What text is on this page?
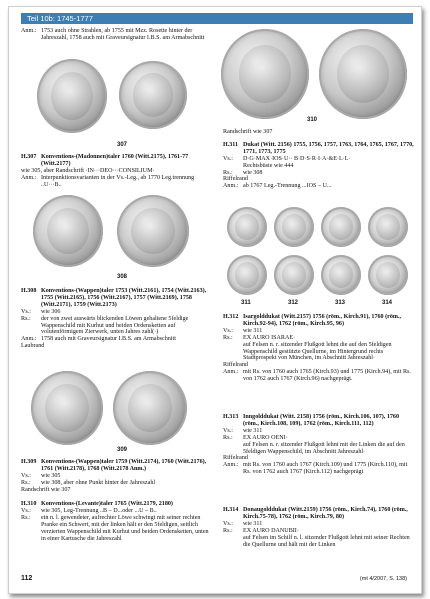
Teil 10b: 1745-1777
Anm.: 1753 auch ohne Strahlen, ab 1755 mit Mzz. Rosette hinter der Jahreszahl, 1758 auch mit Graveursignatur I.B.S. am Armabschnitt
307
H.307 Konventions-(Madonnen)taler 1760 (Witt.2175), 1761-77 (Witt.2177)

wie 305, aber Randschrift ·IN···DEO···CONSILIUM·

Anm.: Interpunktionsvarianten in der Vs.-Leg., ab 1770 Leg.trennung ..U···B..
308
H.308 Konventions-(Wappen)taler 1753 (Witt.2161), 1754 (Witt.2163), 1755 (Witt.2165), 1756 (Witt.2167), 1757 (Witt.2169), 1758 (Witt.2171), 1759 (Witt.2173)
Vs.:	wie 306
Rs.:	der von zwei auswärts blickenden Löwen gehaltene 5feldige Wappenschild mit Kurhut und beiden Ordensketten auf volutenförmigem Zierwerk, unten Jahres zahl(·)
Anm.: 1758 auch mit Graveursignatur I.B.S. am Armabschnitt

Laubrand

309
H.309 Konventions-(Wappen)taler 1759 (Witt.2174), 1760 (Witt.2176), 1761 (Witt.2178), 1768 (Witt.2178 Anm.)
Vs.:	wie 305
Rs.:	wie 308, aber ohne Punkt hinter der Jahreszahl

Randschrift wie 307

H.310 Konventions-(Levante)taler 1765 (Witt.2179, 2180)
Vs.:	wie 305, Leg-Trennung ..B – D...oder ...U – B..
Rs.:	ein n. l. gewendeter, aufrechter Löwe schwingt mit seiner rechten Pranke ein Schwert, mit der linken hält er den 5feldigen, seitlich verzierten Wappenschild mit Kurhut und beiden Ordensketten, unten in einer Kartusche die Jahreszahl
310

Randschrift wie 307

H.311 Dukat (Witt. 2156) 1755, 1756, 1757, 1763, 1764, 1765, 1767, 1770, 1771, 1773, 1775
Vs.:	D·G·MAX·IOS·U·· B·D·S·R·I·A·&E·L·L·
Rechtsbüste wie 444
Rs.:	wie 308

Riffelrand

Anm.: ab 1767 Leg.-Trennung ...IOS – U...
311	312	313	314
H.312 Isargolddukat (Witt.2157) 1756 (röm., Kirch.91), 1760 (röm., Kirch.92-94), 1762 (röm., Kirch.95, 96)
Vs.:	wie 311
Rs.:	EX AURO ISARAE·
auf Felsen n. r. sitzender Flußgott lehnt die auf den 5feldigen Wappenschild gestützte Quellurne, im Hintergrund rechts Stadtprospekt von München, im Abschnitt Jahreszahl·

Riffelrand

Anm.: mit Rs. von 1760 auch 1765 (Kirch.93) und 1775 (Kirch.94), mit Rs. von 1762 auch 1767 (Kirch.96) nachgeprägt.
H.313 Inngolddukat (Witt. 2158) 1756 (röm., Kirch.106, 107), 1760 (röm., Kirch.108, 109), 1762 (röm., Kirch.111, 112)
Vs.:	wie 311
Rs.:	EX AURO OENI·
auf Felsen n. r. sitzender Flußgott lehnt mit der Linken die auf den 5feldigen Wappenschild, im Abschnitt Jahreszahl·

Riffelrand

Anm.: mit Rs. von 1760 auch 1767 (Kirch.109) und 1775 (Kirch.110), mit Rs. von 1762 auch 1767 (Kirch.112) nachgeprägt
H.314 Donaugolddukat (Witt.2159) 1756 (röm., Kirch.74), 1760 (röm., Kirch.75-78), 1762 (röm., Kirch.79, 80)
Vs.:	wie 311
Rs.:	EX AURO DANUBII·
auf Felsen im Schilf n. l. sitzender Flußgott lehnt mit seiner Rechten die Quellurne und hält mit der Linken
112	(mt 4/2007, S. 138)
